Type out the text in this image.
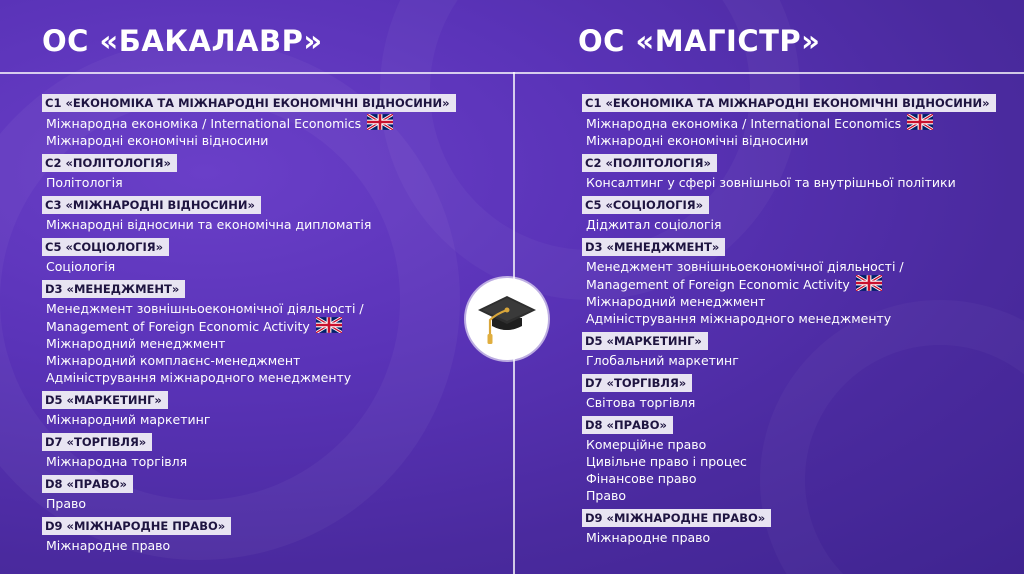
ОС «БАКАЛАВР»	ОС «МАГІСТР»
С1 «ЕКОНОМІКА ТА МІЖНАРОДНІ ЕКОНОМІЧНІ ВІДНОСИНИ»
Міжнародна економіка / International Economics
Міжнародні економічні відносини
С2 «ПОЛІТОЛОГІЯ»
Політологія
С3 «МІЖНАРОДНІ ВІДНОСИНИ»
Міжнародні відносини та економічна дипломатія
С5 «СОЦІОЛОГІЯ»
Соціологія
D3 «МЕНЕДЖМЕНТ»
Менеджмент зовнішньоекономічної діяльності /
Management of Foreign Economic Activity
Міжнародний менеджмент
Міжнародний комплаєнс-менеджмент
Адміністрування міжнародного менеджменту
D5 «МАРКЕТИНГ»
Міжнародний маркетинг
D7 «ТОРГІВЛЯ»
Міжнародна торгівля
D8 «ПРАВО»
Право
D9 «МІЖНАРОДНЕ ПРАВО»
Міжнародне право
С1 «ЕКОНОМІКА ТА МІЖНАРОДНІ ЕКОНОМІЧНІ ВІДНОСИНИ»
Міжнародна економіка / International Economics
Міжнародні економічні відносини
С2 «ПОЛІТОЛОГІЯ»
Консалтинг у сфері зовнішньої та внутрішньої політики
С5 «СОЦІОЛОГІЯ»
Діджитал соціологія
D3 «МЕНЕДЖМЕНТ»
Менеджмент зовнішньоекономічної діяльності /
Management of Foreign Economic Activity
Міжнародний менеджмент
Адміністрування міжнародного менеджменту
D5 «МАРКЕТИНГ»
Глобальний маркетинг
D7 «ТОРГІВЛЯ»
Світова торгівля
D8 «ПРАВО»
Комерційне право
Цивільне право і процес
Фінансове право
Право
D9 «МІЖНАРОДНЕ ПРАВО»
Міжнародне право
